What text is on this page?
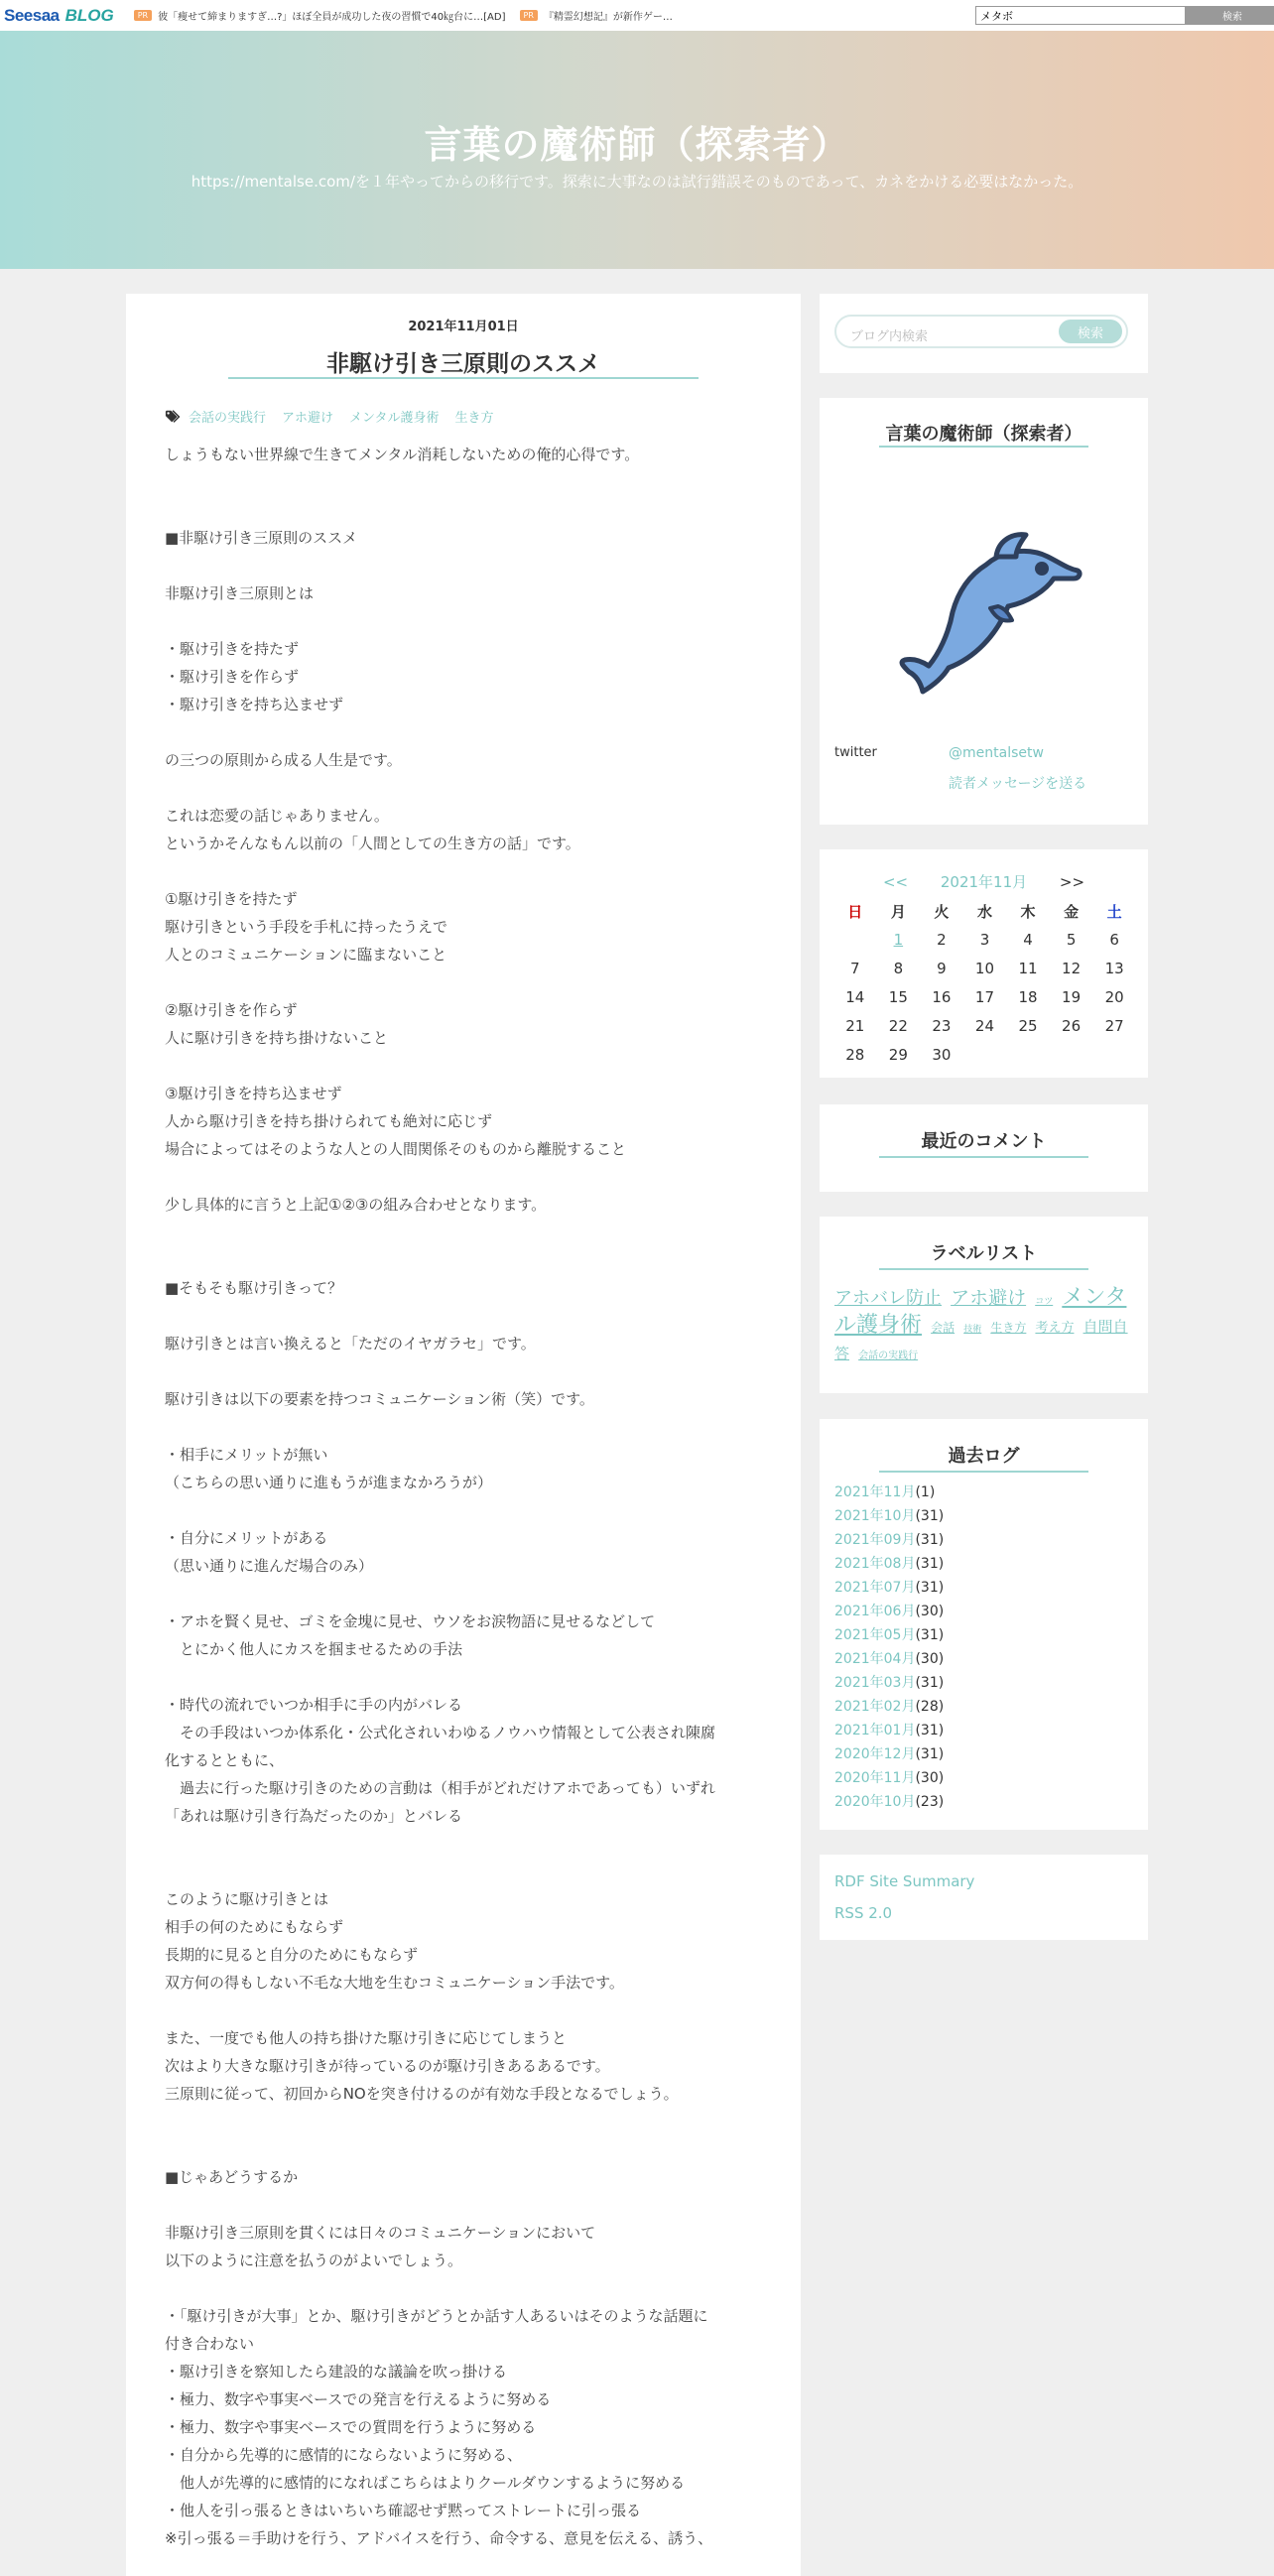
Seesaa BLOG	PR	彼「痩せて締まりますぎ…?」ほぼ全員が成功した夜の習慣で40㎏台に…[AD]	PR	『精霊幻想記』が新作ゲー…
メタボ	検索
言葉の魔術師（探索者）
https://mentalse.com/を１年やってからの移行です。探索に大事なのは試行錯誤そのものであって、カネをかける必要はなかった。
2021年11月01日
非駆け引き三原則のススメ
会話の実践行 アホ避け メンタル護身術 生き方
しょうもない世界線で生きてメンタル消耗しないための俺的心得です。
■非駆け引き三原則のススメ
非駆け引き三原則とは
・駆け引きを持たず
・駆け引きを作らず
・駆け引きを持ち込ませず
の三つの原則から成る人生是です。
これは恋愛の話じゃありません。
というかそんなもん以前の「人間としての生き方の話」です。
①駆け引きを持たず
駆け引きという手段を手札に持ったうえで
人とのコミュニケーションに臨まないこと
②駆け引きを作らず
人に駆け引きを持ち掛けないこと
③駆け引きを持ち込ませず
人から駆け引きを持ち掛けられても絶対に応じず
場合によってはそのような人との人間関係そのものから離脱すること
少し具体的に言うと上記①②③の組み合わせとなります。
■そもそも駆け引きって？
駆け引きとは言い換えると「ただのイヤガラセ」です。
駆け引きは以下の要素を持つコミュニケーション術（笑）です。
・相手にメリットが無い
（こちらの思い通りに進もうが進まなかろうが）
・自分にメリットがある
（思い通りに進んだ場合のみ）
・アホを賢く見せ、ゴミを金塊に見せ、ウソをお涙物語に見せるなどして
　とにかく他人にカスを掴ませるための手法
・時代の流れでいつか相手に手の内がバレる
　その手段はいつか体系化・公式化されいわゆるノウハウ情報として公表され陳腐
化するとともに、
　過去に行った駆け引きのための言動は（相手がどれだけアホであっても）いずれ
「あれは駆け引き行為だったのか」とバレる
このように駆け引きとは
相手の何のためにもならず
長期的に見ると自分のためにもならず
双方何の得もしない不毛な大地を生むコミュニケーション手法です。
また、一度でも他人の持ち掛けた駆け引きに応じてしまうと
次はより大きな駆け引きが待っているのが駆け引きあるあるです。
三原則に従って、初回からNOを突き付けるのが有効な手段となるでしょう。
■じゃあどうするか
非駆け引き三原則を貫くには日々のコミュニケーションにおいて
以下のように注意を払うのがよいでしょう。
・「駆け引きが大事」とか、駆け引きがどうとか話す人あるいはそのような話題に
付き合わない
・駆け引きを察知したら建設的な議論を吹っ掛ける
・極力、数字や事実ベースでの発言を行えるように努める
・極力、数字や事実ベースでの質問を行うように努める
・自分から先導的に感情的にならないように努める、
　他人が先導的に感情的になればこちらはよりクールダウンするように努める
・他人を引っ張るときはいちいち確認せず黙ってストレートに引っ張る
※引っ張る＝手助けを行う、アドバイスを行う、命令する、意見を伝える、誘う、
ブログ内検索	検索
言葉の魔術師（探索者）
twitter	@mentalsetw
読者メッセージを送る
<< 2021年11月 >>
日	月	火	水	木	金	土
	1	2	3	4	5	6
7	8	9	10	11	12	13
14	15	16	17	18	19	20
21	22	23	24	25	26	27
28	29	30				
最近のコメント
ラベルリスト
アホバレ防止 アホ避け コツ メンタル護身術 会話 技術 生き方 考え方 自問自答 会話の実践行
過去ログ
2021年11月(1)
2021年10月(31)
2021年09月(31)
2021年08月(31)
2021年07月(31)
2021年06月(30)
2021年05月(31)
2021年04月(30)
2021年03月(31)
2021年02月(28)
2021年01月(31)
2020年12月(31)
2020年11月(30)
2020年10月(23)
RDF Site Summary
RSS 2.0
